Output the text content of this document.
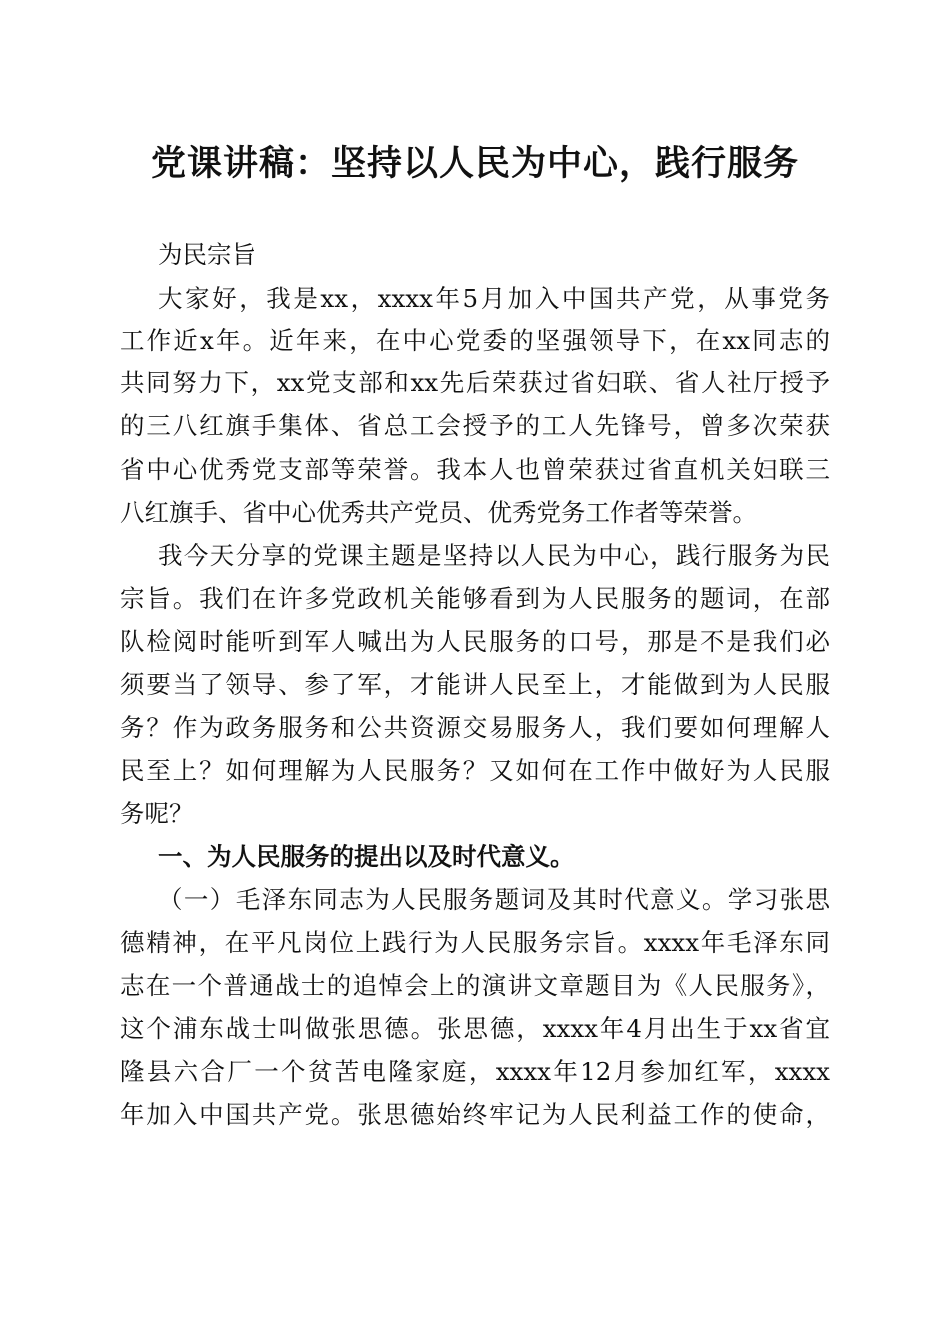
党课讲稿：坚持以人民为中心，践行服务

为民宗旨

大家好，我是xx，xxxx年5月加入中国共产党，从事党务

工作近x年。近年来，在中心党委的坚强领导下，在xx同志的

共同努力下，xx党支部和xx先后荣获过省妇联、省人社厅授予

的三八红旗手集体、省总工会授予的工人先锋号，曾多次荣获

省中心优秀党支部等荣誉。我本人也曾荣获过省直机关妇联三

八红旗手、省中心优秀共产党员、优秀党务工作者等荣誉。

我今天分享的党课主题是坚持以人民为中心，践行服务为民

宗旨。我们在许多党政机关能够看到为人民服务的题词，在部

队检阅时能听到军人喊出为人民服务的口号，那是不是我们必

须要当了领导、参了军，才能讲人民至上，才能做到为人民服

务？作为政务服务和公共资源交易服务人，我们要如何理解人

民至上？如何理解为人民服务？又如何在工作中做好为人民服

务呢？

一、为人民服务的提出以及时代意义。

（一）毛泽东同志为人民服务题词及其时代意义。学习张思

德精神，在平凡岗位上践行为人民服务宗旨。xxxx年毛泽东同

志在一个普通战士的追悼会上的演讲文章题目为《人民服务》，

这个浦东战士叫做张思德。张思德，xxxx年4月出生于xx省宜

隆县六合厂一个贫苦电隆家庭，xxxx年12月参加红军，xxxx

年加入中国共产党。张思德始终牢记为人民利益工作的使命，
